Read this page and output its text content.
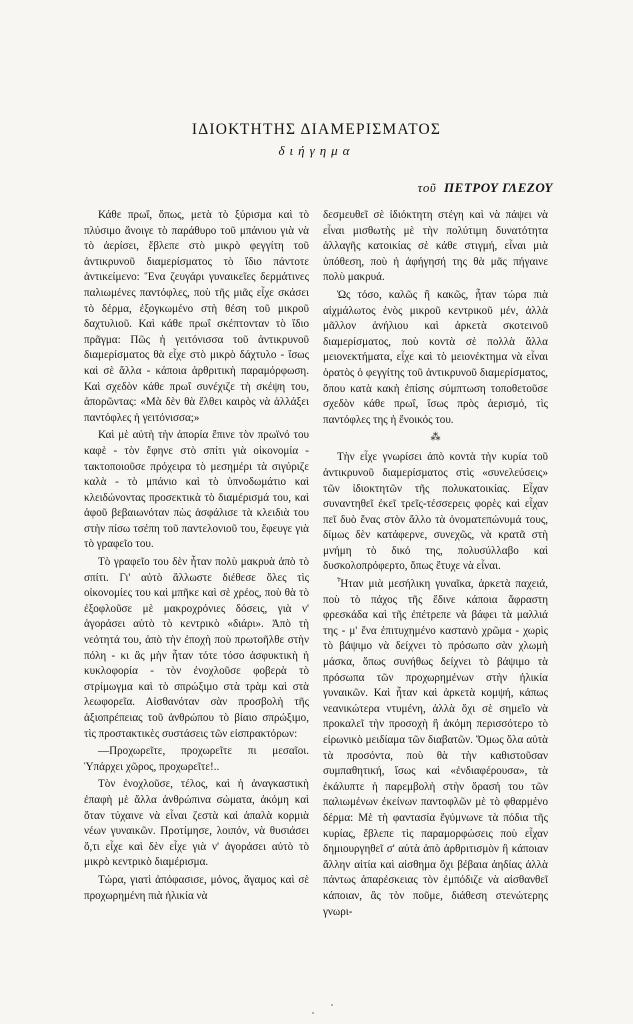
ΙΔΙΟΚΤΗΤΗΣ ΔΙΑΜΕΡΙΣΜΑΤΟΣ
διήγημα
τοῦ ΠΕΤΡΟΥ ΓΛΕΖΟΥ

Κάθε πρωΐ, ὅπως, μετὰ τὸ ξύρισμα καὶ τὸ πλύσιμο ἄνοιγε τὸ παράθυρο τοῦ μπάνιου γιὰ νὰ τὸ ἀερίσει, ἔβλεπε στὸ μικρὸ φεγγίτη τοῦ ἀντικρυνοῦ διαμερίσματος τὸ ἴδιο πάντοτε ἀντικείμενο: Ἕνα ζευγάρι γυναικεῖες δερμάτινες παλιωμένες παντόφλες, ποὺ τῆς μιᾶς εἶχε σκάσει τὸ δέρμα, ἐξογκωμένο στὴ θέση τοῦ μικροῦ δαχτυλιοῦ. Καὶ κάθε πρωΐ σκέπτονταν τὸ ἴδιο πρᾶγμα: Πῶς ἡ γειτόνισσα τοῦ ἀντικρυνοῦ διαμερίσματος θὰ εἶχε στὸ μικρὸ δάχτυλο - ἴσως καὶ σὲ ἄλλα - κάποια ἀρθριτικὴ παραμόρφωση. Καὶ σχεδὸν κάθε πρωΐ συνέχιζε τὴ σκέψη του, ἀπορῶντας: «Μὰ δὲν θὰ ἔλθει καιρὸς νὰ ἀλλάξει παντόφλες ἡ γειτόνισσα;»

Καὶ μὲ αὐτὴ τὴν ἀπορία ἔπινε τὸν πρωϊνό του καφὲ - τὸν ἔφηνε στὸ σπίτι γιὰ οἰκονομία - τακτοποιοῦσε πρόχειρα τὸ μεσημέρι τὰ σιγύριζε καλὰ - τὸ μπάνιο καὶ τὸ ὑπνοδωμάτιο καὶ κλειδώνοντας προσεκτικὰ τὸ διαμέρισμά του, καὶ ἀφοῦ βεβαιωνόταν πὼς ἀσφάλισε τὰ κλειδιὰ του στὴν πίσω τσέπη τοῦ παντελονιοῦ του, ἔφευγε γιὰ τὸ γραφεῖο του.

Τὸ γραφεῖο του δὲν ἦταν πολὺ μακρυὰ ἀπὸ τὸ σπίτι. Γι' αὐτὸ ἄλλωστε διέθεσε ὅλες τὶς οἰκονομίες του καὶ μπῆκε καὶ σὲ χρέος, ποὺ θὰ τὸ ἐξοφλοῦσε μὲ μακροχρόνιες δόσεις, γιὰ ν' ἀγοράσει αὐτὸ τὸ κεντρικὸ «διάρι». Ἀπὸ τὴ νεότητά του, ἀπὸ τὴν ἐποχὴ ποὺ πρωτοῆλθε στὴν πόλη - κι ἂς μὴν ἦταν τότε τόσο ἀσφυκτικὴ ἡ κυκλοφορία - τὸν ἐνοχλοῦσε φοβερὰ τὸ στρίμωγμα καὶ τὸ σπρώξιμο στὰ τρὰμ καὶ στὰ λεωφορεῖα. Αἰσθανόταν σὰν προσβολὴ τῆς ἀξιοπρέπειας τοῦ ἀνθρώπου τὸ βίαιο σπρώξιμο, τὶς προστακτικὲς συστάσεις τῶν εἰσπρακτόρων:

—Προχωρεῖτε, προχωρεῖτε πι μεσαῖοι. Ὑπάρχει χῶρος, προχωρεῖτε!..

Τὸν ἐνοχλοῦσε, τέλος, καὶ ἡ ἀναγκαστικὴ ἐπαφὴ μὲ ἄλλα ἀνθρώπινα σώματα, ἀκόμη καὶ ὅταν τύχαινε νὰ εἶναι ζεστὰ καὶ ἁπαλὰ κορμιὰ νέων γυναικῶν. Προτίμησε, λοιπόν, νὰ θυσιάσει ὅ,τι εἶχε καὶ δὲν εἶχε γιὰ ν' ἀγοράσει αὐτὸ τὸ μικρὸ κεντρικὸ διαμέρισμα.

Τώρα, γιατὶ ἀπόφασισε, μόνος, ἄγαμος καὶ σὲ προχωρημένη πιὰ ἡλικία νὰ

δεσμευθεῖ σὲ ἰδιόκτητη στέγη καὶ νὰ πάψει νὰ εἶναι μισθωτὴς μὲ τὴν πολύτιμη δυνατότητα ἀλλαγῆς κατοικίας σὲ κάθε στιγμή, εἶναι μιὰ ὑπόθεση, ποὺ ἡ ἀφήγησή της θὰ μᾶς πήγαινε πολὺ μακρυά.

Ὡς τόσο, καλῶς ἢ κακῶς, ἦταν τώρα πιὰ αἰχμάλωτος ἑνὸς μικροῦ κεντρικοῦ μέν, ἀλλὰ μᾶλλον ἀνήλιου καὶ ἀρκετὰ σκοτεινοῦ διαμερίσματος, ποὺ κοντὰ σὲ πολλὰ ἄλλα μειονεκτήματα, εἶχε καὶ τὸ μειονέκτημα νὰ εἶναι ὁρατὸς ὁ φεγγίτης τοῦ ἀντικρυνοῦ διαμερίσματος, ὅπου κατὰ κακὴ ἐπίσης σύμπτωση τοποθετοῦσε σχεδὸν κάθε πρωΐ, ἴσως πρὸς ἀερισμό, τὶς παντόφλες της ἡ ἔνοικός του.

⁂

Τὴν εἶχε γνωρίσει ἀπὸ κοντὰ τὴν κυρία τοῦ ἀντικρυνοῦ διαμερίσματος στὶς «συνελεύσεις» τῶν ἰδιοκτητῶν τῆς πολυκατοικίας. Εἶχαν συναντηθεῖ ἐκεῖ τρεῖς-τέσσερεις φορὲς καὶ εἶχαν πεῖ δυὸ ἕνας στὸν ἄλλο τὰ ὀνοματεπώνυμά τους, δίμως δὲν κατάφερνε, συνεχῶς, νὰ κρατᾶ στὴ μνήμη τὸ δικό της, πολυσύλλαβο καὶ δυσκολοπρόφερτο, ὅπως ἔτυχε νὰ εἶναι.

Ἦταν μιὰ μεσήλικη γυναῖκα, ἀρκετὰ παχειά, ποὺ τὸ πάχος τῆς ἔδινε κάποια ἄφραστη φρεσκάδα καὶ τῆς ἐπέτρεπε νὰ βάφει τὰ μαλλιά της - μ' ἕνα ἐπιτυχημένο καστανὸ χρῶμα - χωρὶς τὸ βάψιμο νὰ δείχνει τὸ πρόσωπο σὰν χλωμὴ μάσκα, ὅπως συνήθως δείχνει τὸ βάψιμο τὰ πρόσωπα τῶν προχωρημένων στὴν ἡλικία γυναικῶν. Καὶ ἦταν καὶ ἀρκετὰ κομψή, κάπως νεανικώτερα ντυμένη, ἀλλὰ ὄχι σὲ σημεῖο νὰ προκαλεῖ τὴν προσοχὴ ἢ ἀκόμη περισσότερο τὸ εἰρωνικὸ μειδίαμα τῶν διαβατῶν. Ὅμως ὅλα αὐτὰ τὰ προσόντα, ποὺ θὰ τὴν καθιστοῦσαν συμπαθητική, ἴσως καὶ «ἐνδιαφέρουσα», τὰ ἐκάλυπτε ἡ παρεμβολὴ στὴν ὅρασή του τῶν παλιωμένων ἐκείνων παντοφλῶν μὲ τὸ φθαρμένο δέρμα: Μὲ τὴ φαντασία ἔγύμνωνε τὰ πόδια τῆς κυρίας, ἔβλεπε τὶς παραμορφώσεις ποὺ εἶχαν δημιουργηθεῖ σ' αὐτὰ ἀπὸ ἀρθριτισμὸν ἢ κάποιαν ἄλλην αἰτία καὶ αἰσθημα ὄχι βέβαια ἀηδίας ἀλλὰ πάντως ἀπαρέσκειας τὸν ἐμπόδιζε νὰ αἰσθανθεῖ κάποιαν, ἂς τὸν ποῦμε, διάθεση στενώτερης γνωρι-
